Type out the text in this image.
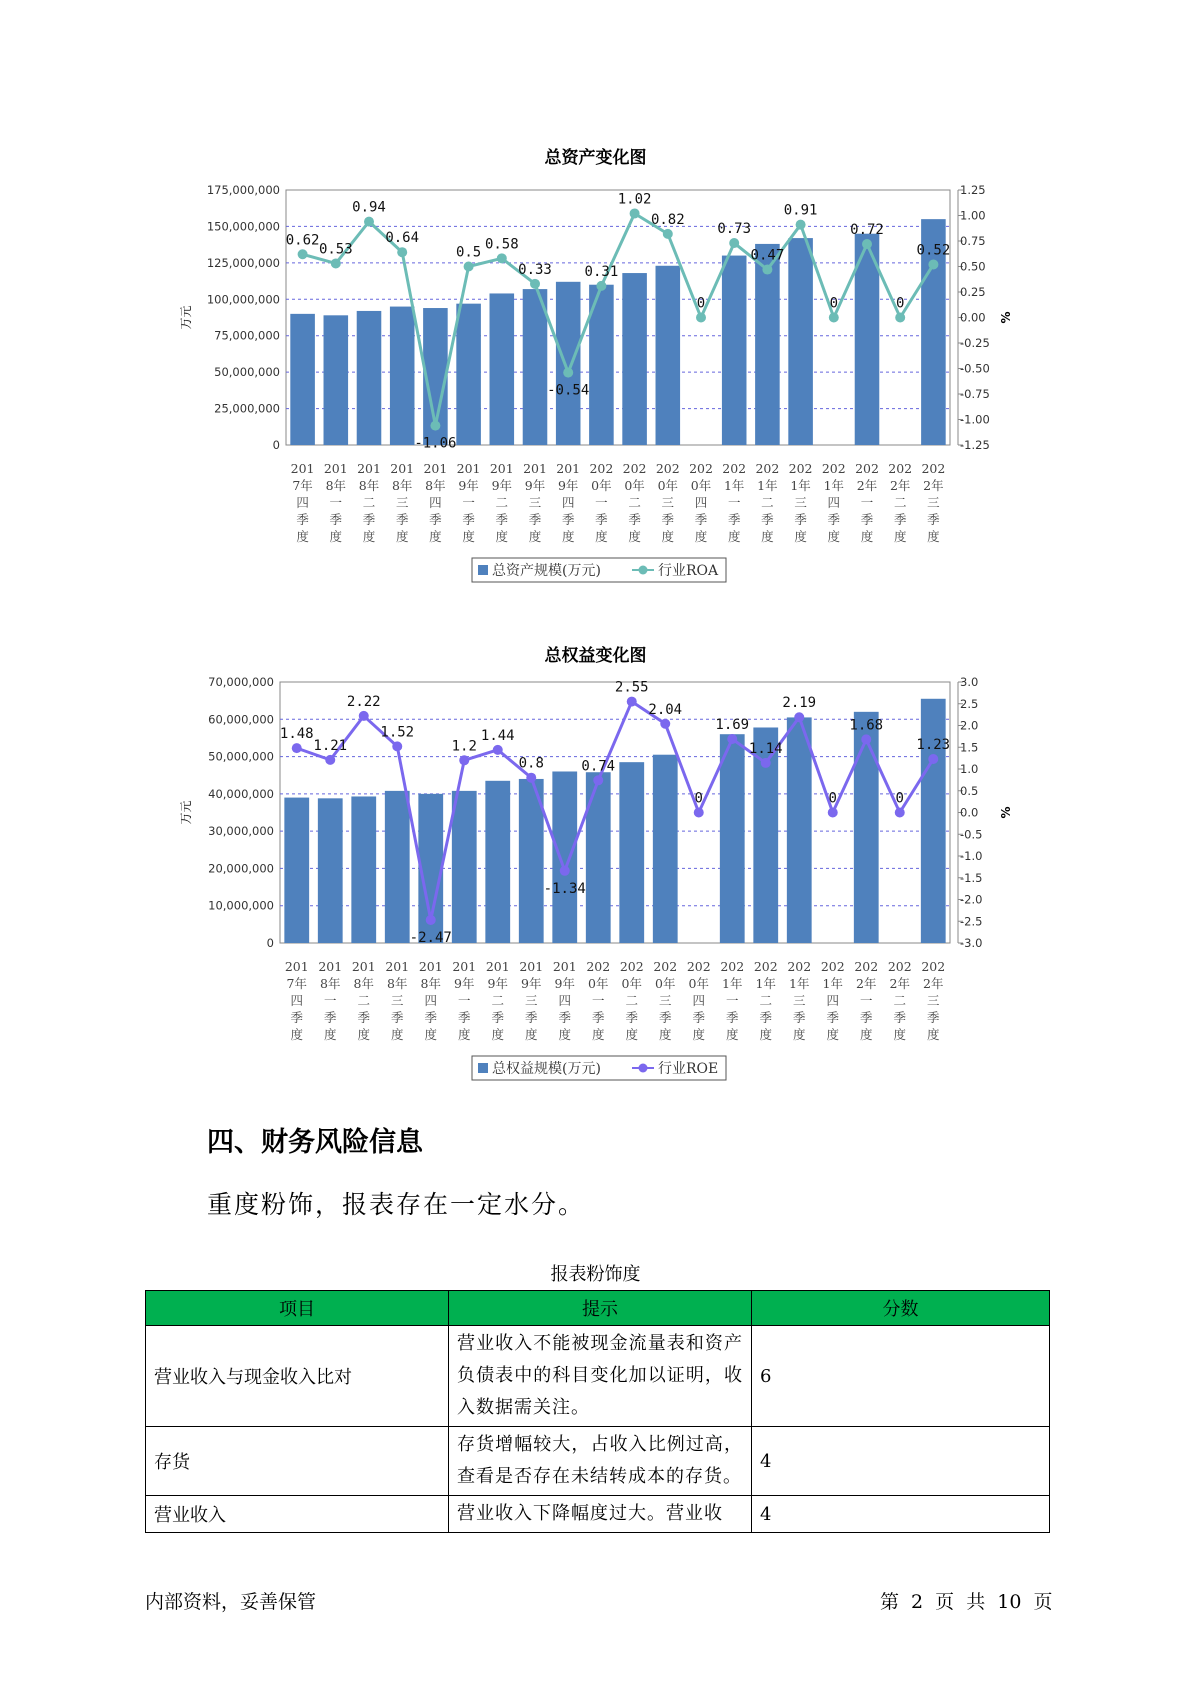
总资产变化图
0
25,000,000
50,000,000
75,000,000
100,000,000
125,000,000
150,000,000
175,000,000
-1.25
-1.00
-0.75
-0.50
-0.25
0.00
0.25
0.50
0.75
1.00
1.25
万元	%
0.62
0.53
0.94
0.64
-1.06
0.5
0.58
0.33
-0.54
0.31
1.02
0.82
0
0.73
0.47
0.91
0
0.72
0
0.52
201
7年
四
季
度
201
8年
一
季
度
201
8年
二
季
度
201
8年
三
季
度
201
8年
四
季
度
201
9年
一
季
度
201
9年
二
季
度
201
9年
三
季
度
201
9年
四
季
度
202
0年
一
季
度
202
0年
二
季
度
202
0年
三
季
度
202
0年
四
季
度
202
1年
一
季
度
202
1年
二
季
度
202
1年
三
季
度
202
1年
四
季
度
202
2年
一
季
度
202
2年
二
季
度
202
2年
三
季
度
总资产规模(万元)	行业ROA
总权益变化图
0
10,000,000
20,000,000
30,000,000
40,000,000
50,000,000
60,000,000
70,000,000
-3.0
-2.5
-2.0
-1.5
-1.0
-0.5
0.0
0.5
1.0
1.5
2.0
2.5
3.0
万元	%
1.48
1.21
2.22
1.52
-2.47
1.2
1.44
0.8
-1.34
0.74
2.55
2.04
0
1.69
1.14
2.19
0
1.68
0
1.23
201
7年
四
季
度
201
8年
一
季
度
201
8年
二
季
度
201
8年
三
季
度
201
8年
四
季
度
201
9年
一
季
度
201
9年
二
季
度
201
9年
三
季
度
201
9年
四
季
度
202
0年
一
季
度
202
0年
二
季
度
202
0年
三
季
度
202
0年
四
季
度
202
1年
一
季
度
202
1年
二
季
度
202
1年
三
季
度
202
1年
四
季
度
202
2年
一
季
度
202
2年
二
季
度
202
2年
三
季
度
总权益规模(万元)	行业ROE
四、财务风险信息
重度粉饰，报表存在一定水分。
报表粉饰度
项目	提示	分数
营业收入与现金收入比对	营业收入不能被现金流量表和资产负债表中的科目变化加以证明，收入数据需关注。	6
存货	存货增幅较大，占收入比例过高，查看是否存在未结转成本的存货。	4
营业收入	营业收入下降幅度过大。营业收	4
内部资料，妥善保管	第 2 页 共 10 页
